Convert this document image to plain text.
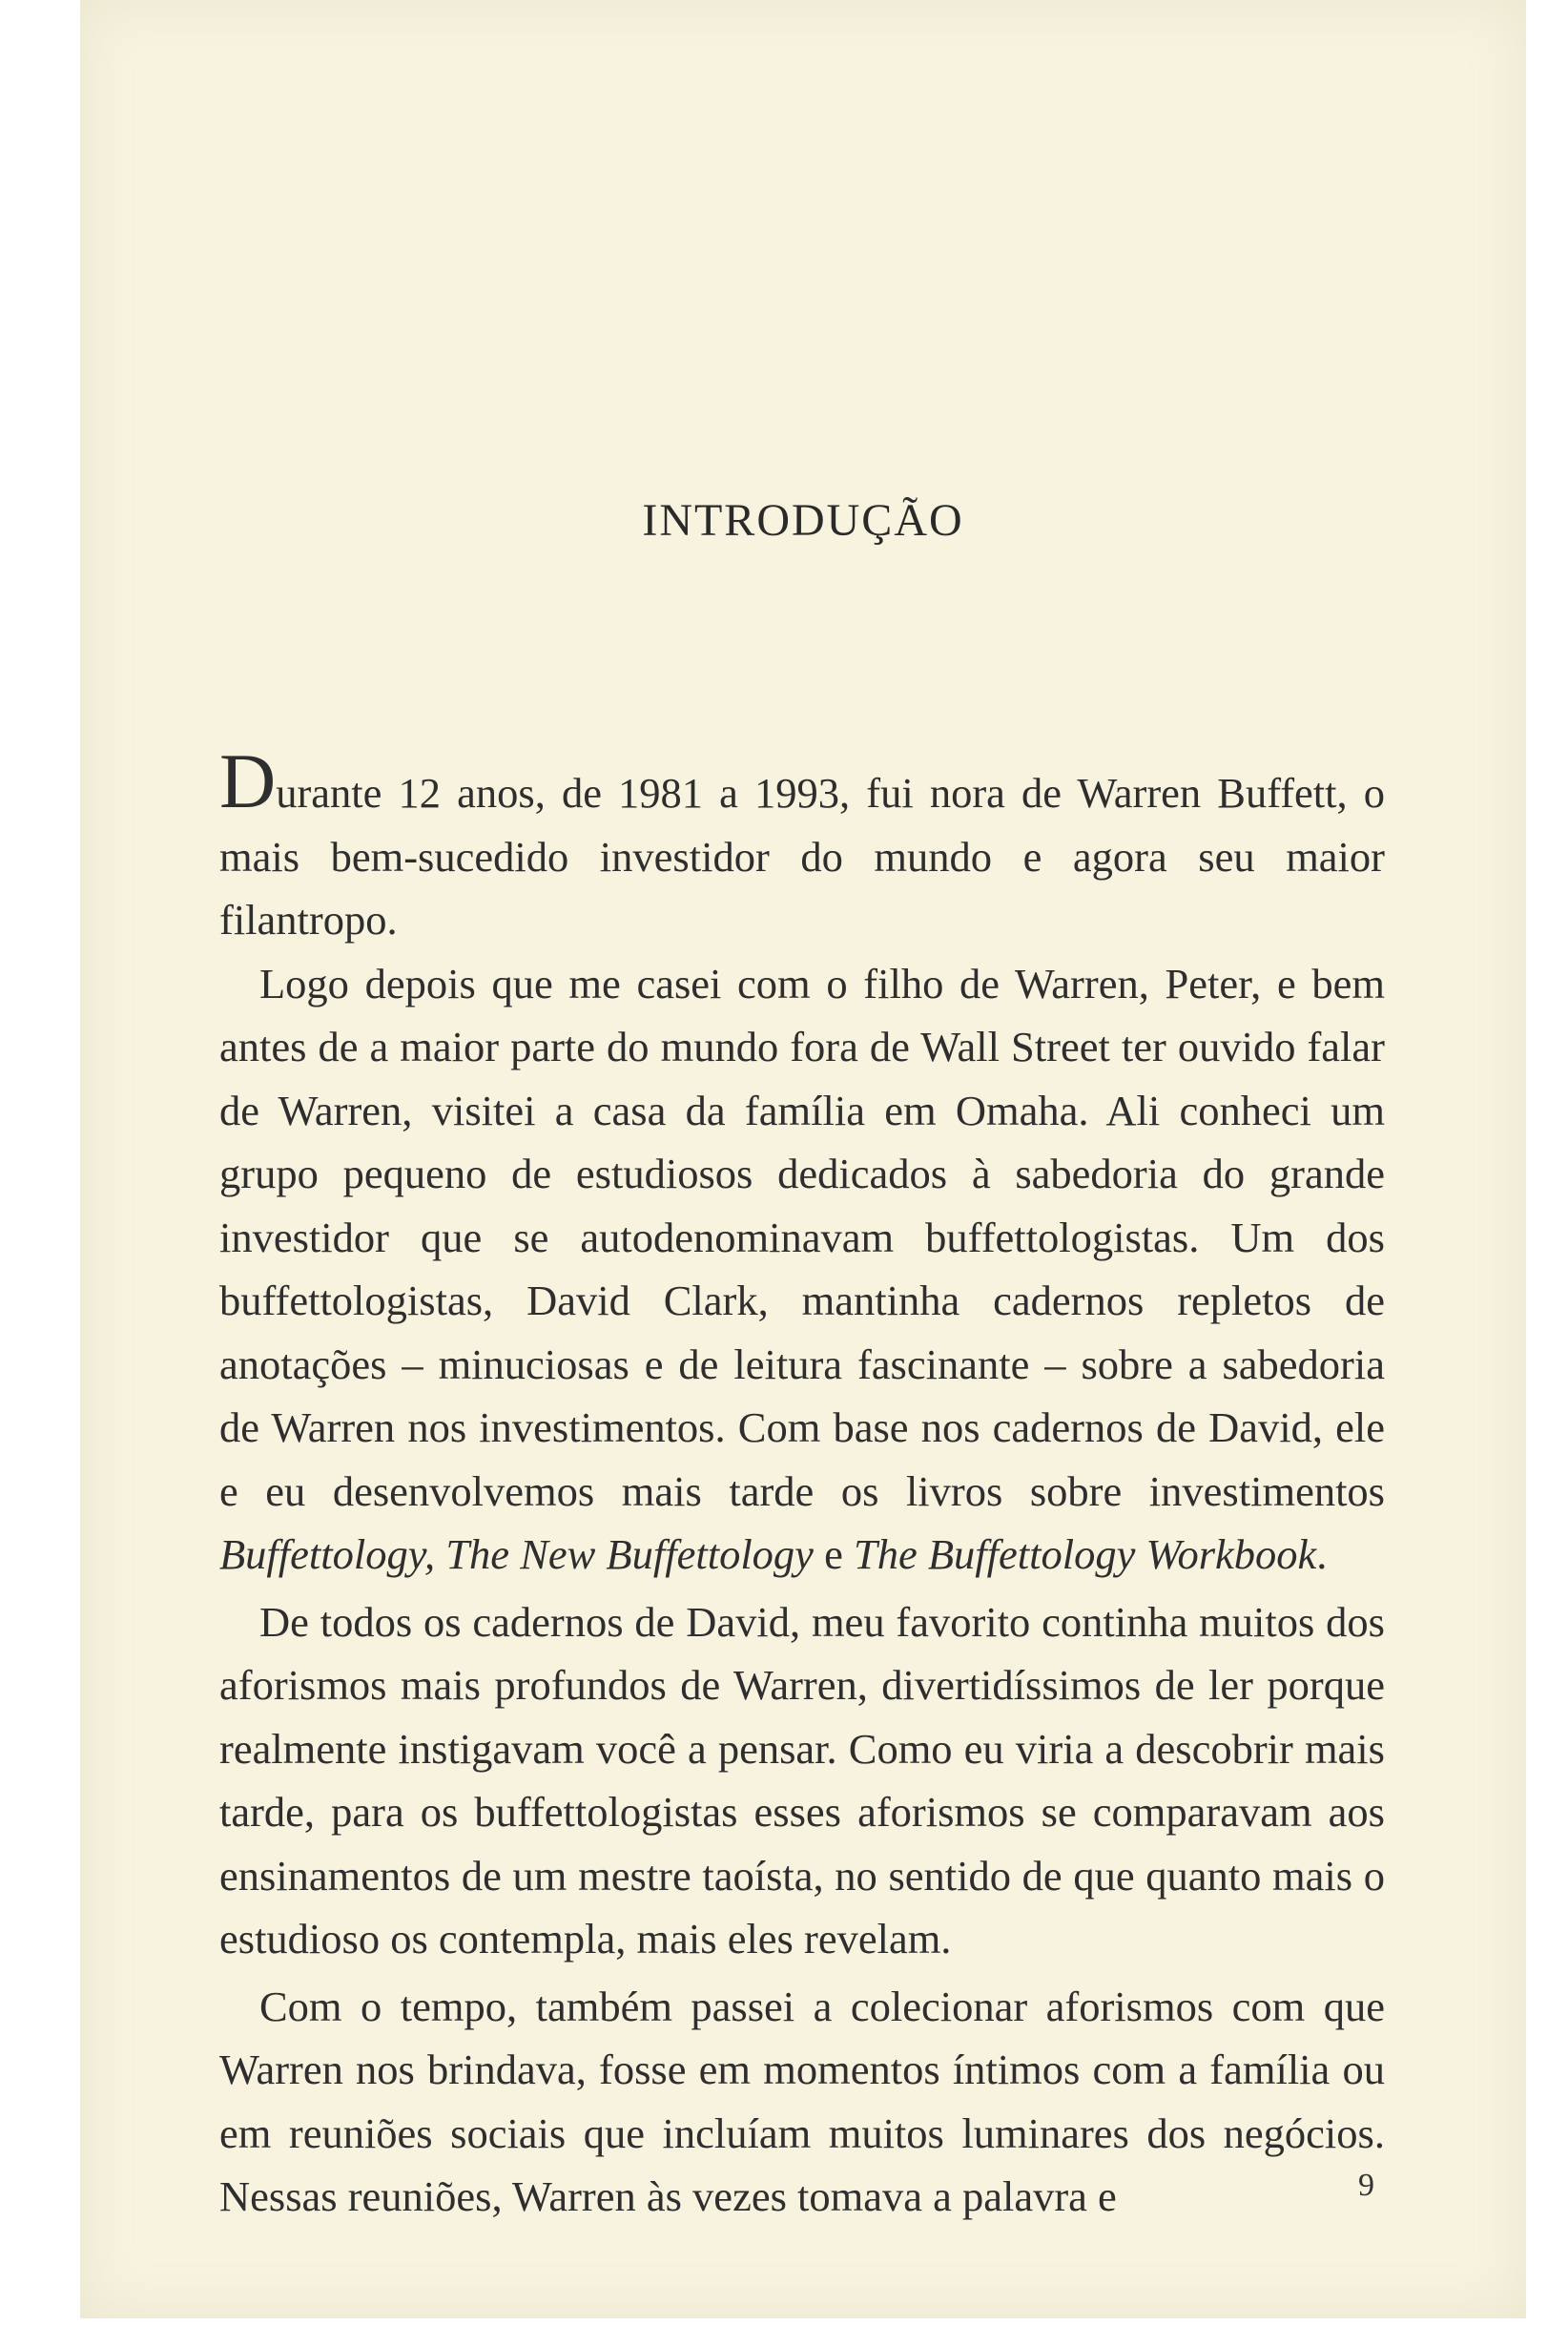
INTRODUÇÃO

Durante 12 anos, de 1981 a 1993, fui nora de Warren Buffett, o mais bem-sucedido investidor do mundo e agora seu maior filantropo.

Logo depois que me casei com o filho de Warren, Peter, e bem antes de a maior parte do mundo fora de Wall Street ter ouvido falar de Warren, visitei a casa da família em Omaha. Ali conheci um grupo pequeno de estudiosos dedicados à sabedoria do grande investidor que se autodenominavam buffettologistas. Um dos buffettologistas, David Clark, mantinha cadernos repletos de anotações – minuciosas e de leitura fascinante – sobre a sabedoria de Warren nos investimentos. Com base nos cadernos de David, ele e eu desenvolvemos mais tarde os livros sobre investimentos Buffettology, The New Buffettology e The Buffettology Workbook.

De todos os cadernos de David, meu favorito continha muitos dos aforismos mais profundos de Warren, divertidíssimos de ler porque realmente instigavam você a pensar. Como eu viria a descobrir mais tarde, para os buffettologistas esses aforismos se comparavam aos ensinamentos de um mestre taoísta, no sentido de que quanto mais o estudioso os contempla, mais eles revelam.

Com o tempo, também passei a colecionar aforismos com que Warren nos brindava, fosse em momentos íntimos com a família ou em reuniões sociais que incluíam muitos luminares dos negócios. Nessas reuniões, Warren às vezes tomava a palavra e	9
